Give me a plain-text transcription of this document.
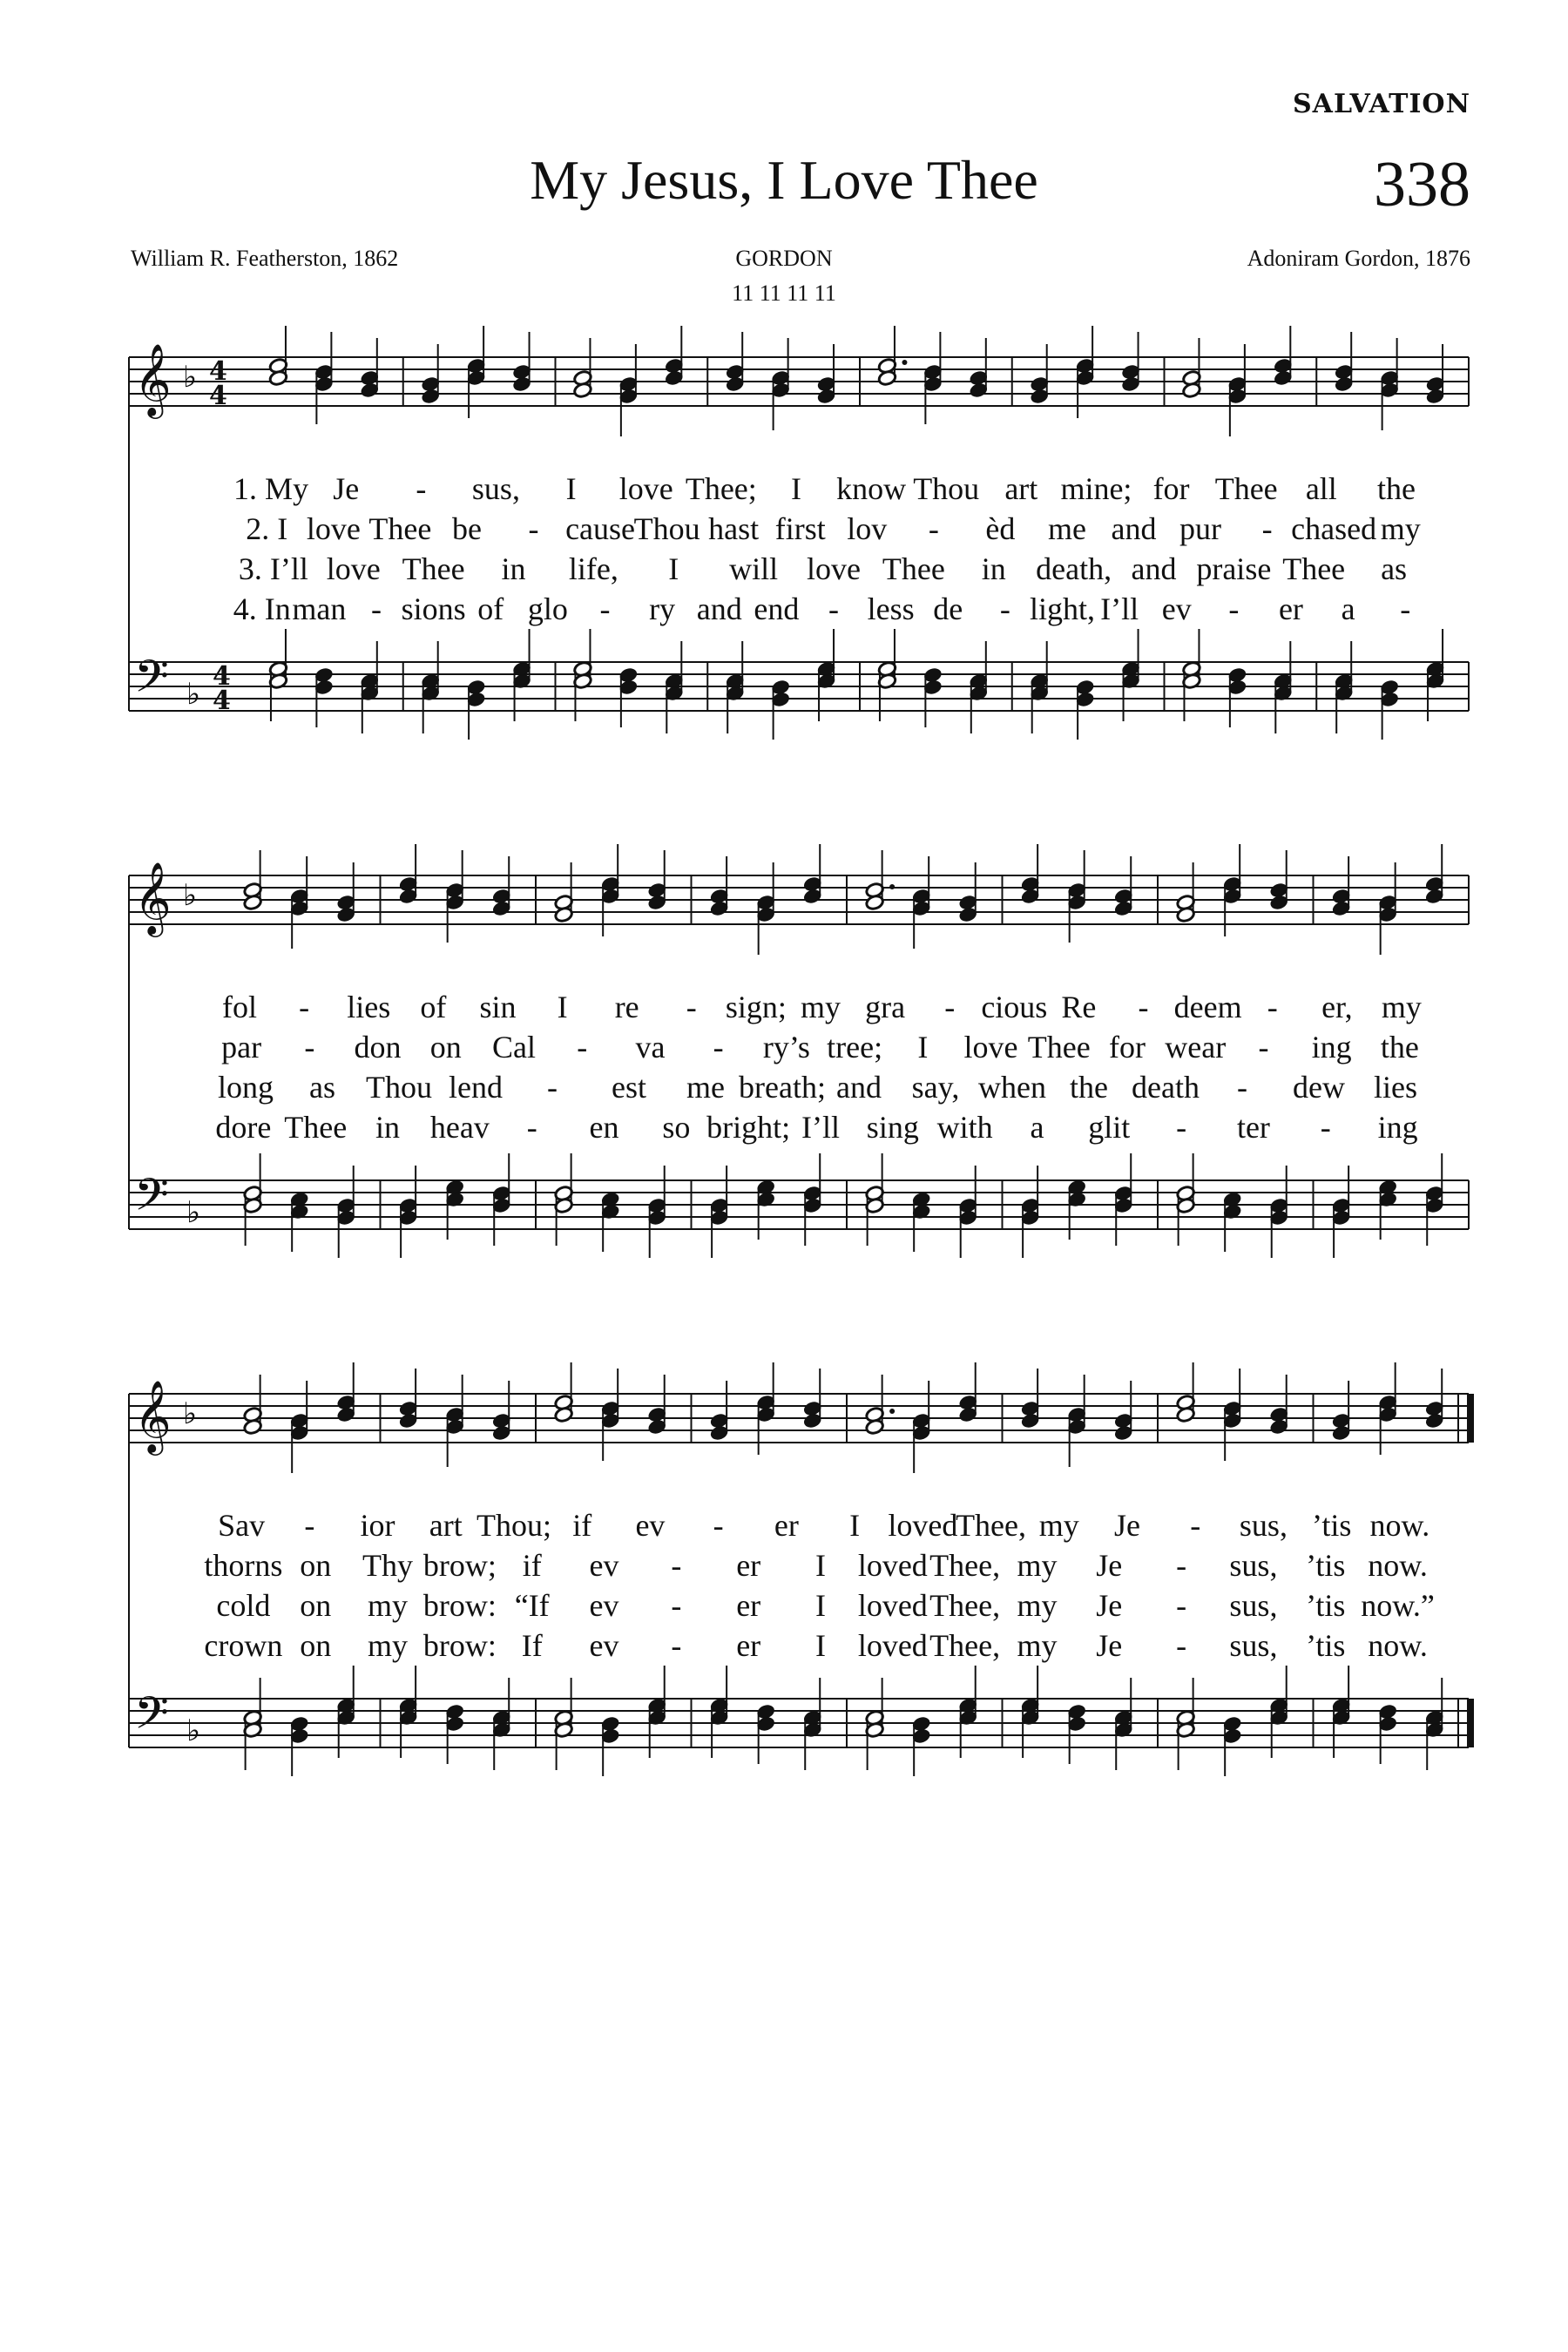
SALVATION
My Jesus, I Love Thee	338
William R. Featherston, 1862	GORDON	Adoniram Gordon, 1876
11 11 11 11
𝄞
𝄢
♭ 4
4
♭
4
4
1. My Je - sus, I love Thee; I know Thou art mine; for Thee all the
2. I love Thee be - cause
Thou hast first lov - èd me and pur - chased my
3. I’ll love Thee in life, I will love Thee in death, and praise Thee as
4. In man - sions of glo - ry and end - less de - light, I’ll ev - er a -
𝄞
𝄢
♭
♭
fol - lies of sin I re - sign; my gra - cious Re - deem - er, my
par - don on Cal - va - ry’s tree; I love Thee for wear - ing the
long as Thou lend - est me breath; and say, when the death - dew lies
dore Thee in heav - en so bright; I’ll sing with a glit - ter - ing
𝄞
𝄢
♭
♭
Sav - ior art Thou; if ev - er I loved
Thee, my Je - sus, ’tis now.
thorns on Thy brow; if ev - er I loved Thee, my Je - sus, ’tis now.
cold on my brow: “If ev - er I loved Thee, my Je - sus, ’tis now.”
crown on my brow: If ev - er I loved Thee, my Je - sus, ’tis now.
